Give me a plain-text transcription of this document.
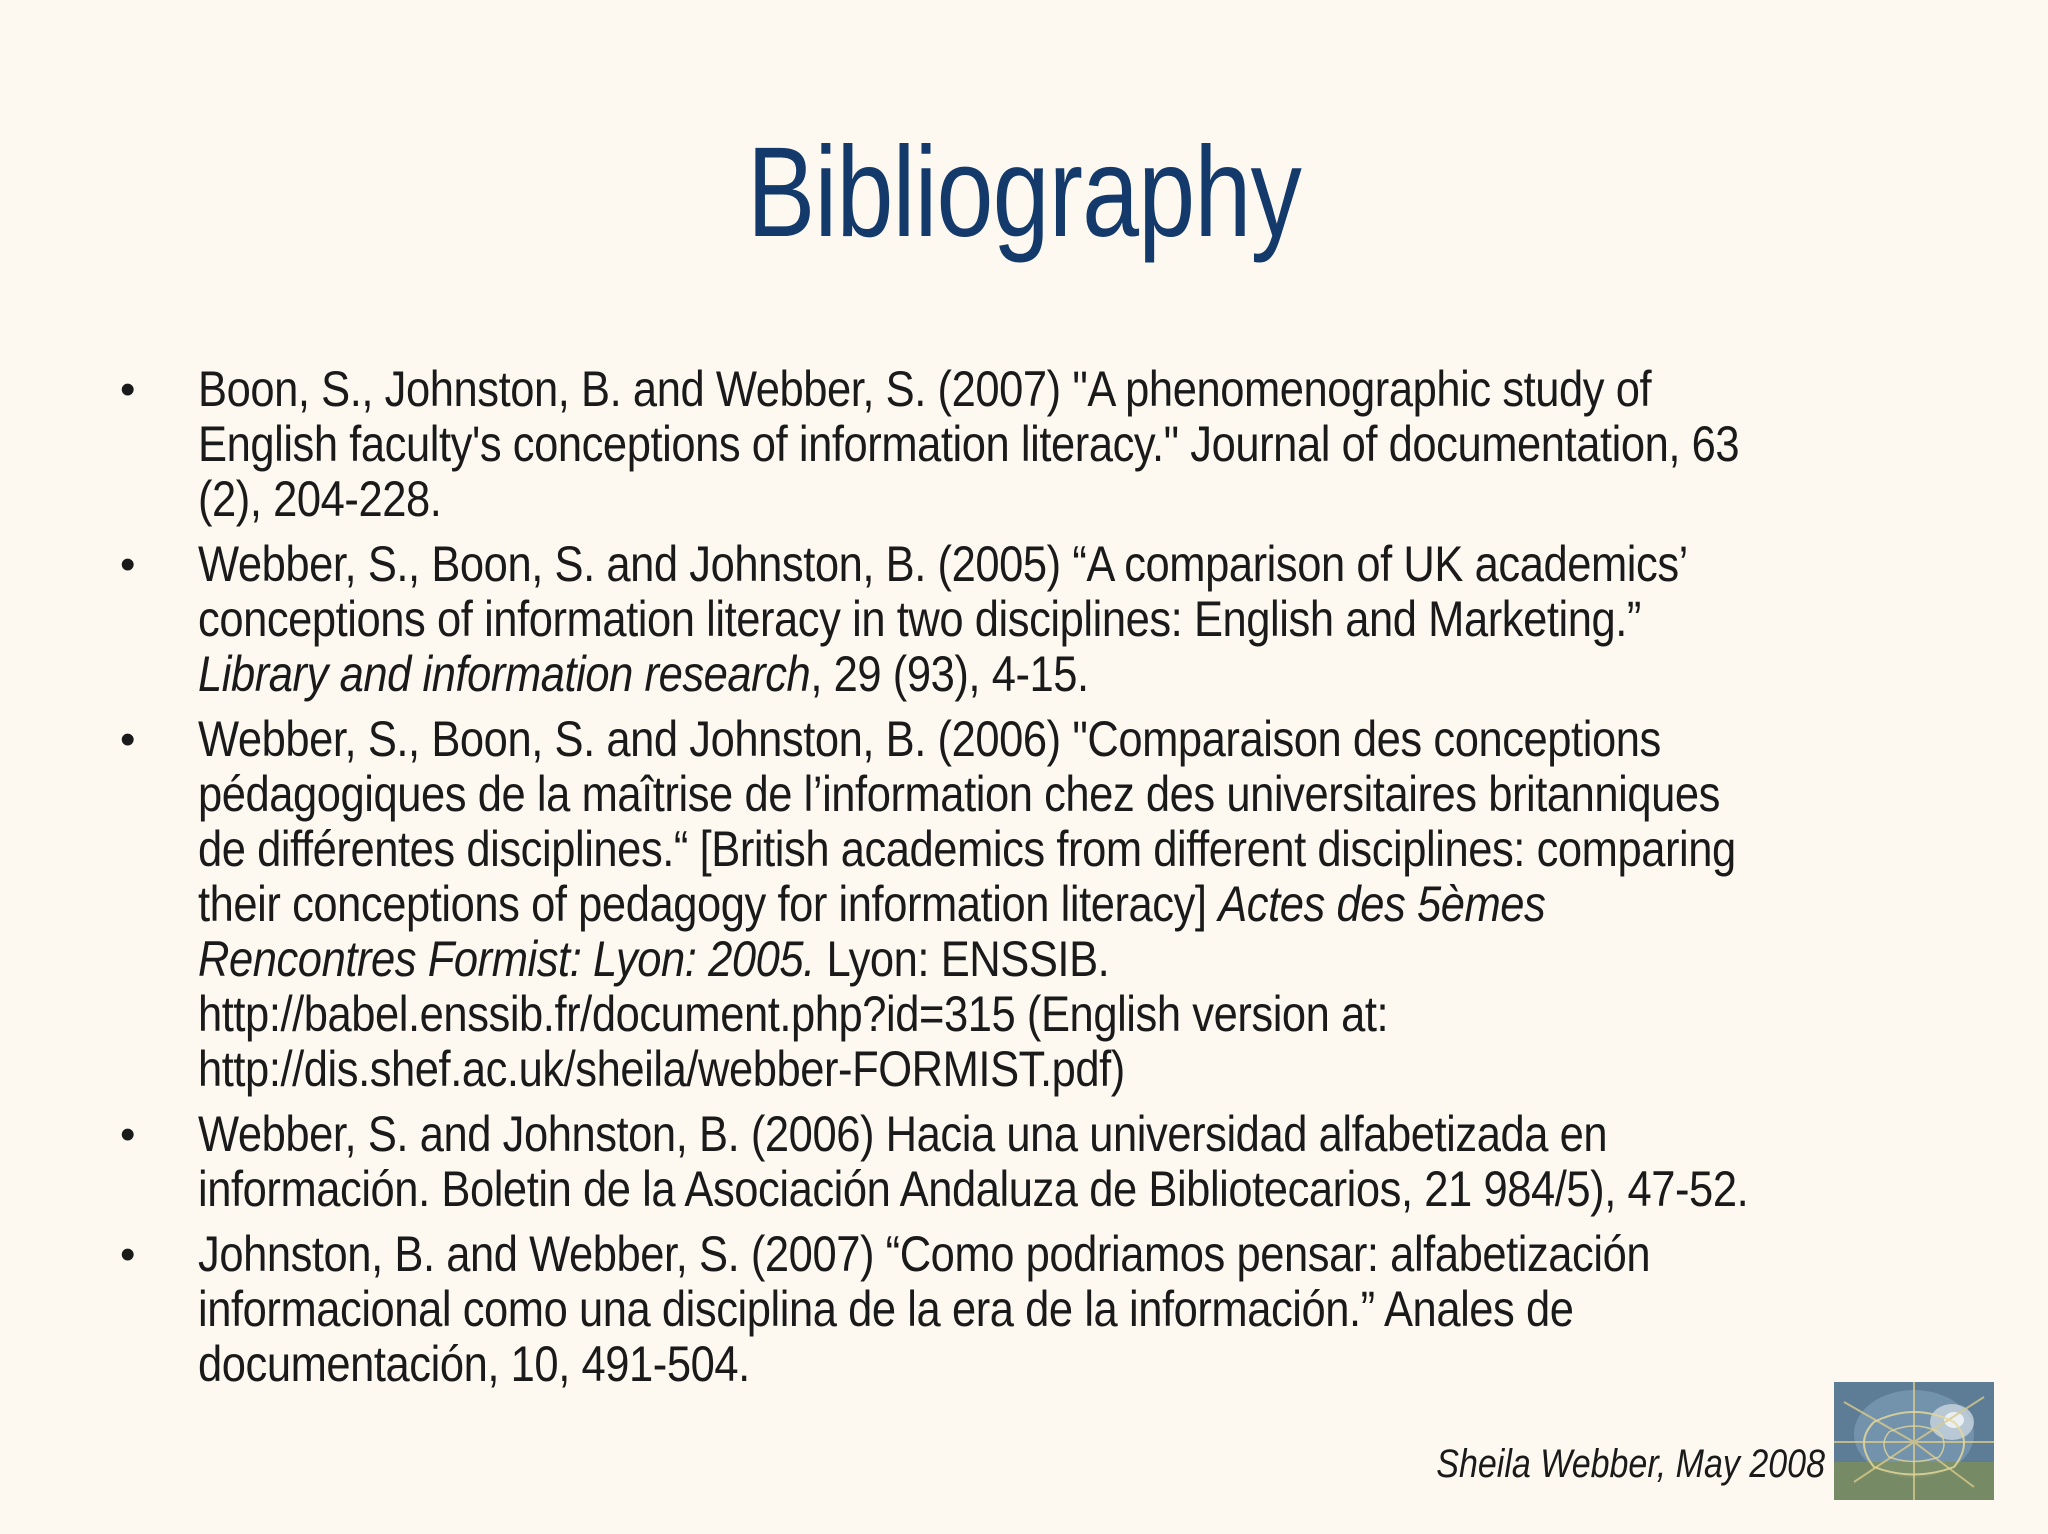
Bibliography
• Boon, S., Johnston, B. and Webber, S. (2007) "A phenomenographic study of
English faculty's conceptions of information literacy." Journal of documentation, 63
(2), 204-228.
• Webber, S., Boon, S. and Johnston, B. (2005) “A comparison of UK academics’
conceptions of information literacy in two disciplines: English and Marketing.”
Library and information research, 29 (93), 4-15.
• Webber, S., Boon, S. and Johnston, B. (2006) "Comparaison des conceptions
pédagogiques de la maîtrise de l’information chez des universitaires britanniques
de différentes disciplines.“ [British academics from different disciplines: comparing
their conceptions of pedagogy for information literacy] Actes des 5èmes
Rencontres Formist: Lyon: 2005. Lyon: ENSSIB.
http://babel.enssib.fr/document.php?id=315 (English version at:
http://dis.shef.ac.uk/sheila/webber-FORMIST.pdf)
• Webber, S. and Johnston, B. (2006) Hacia una universidad alfabetizada en
información. Boletin de la Asociación Andaluza de Bibliotecarios, 21 984/5), 47-52.
• Johnston, B. and Webber, S. (2007) “Como podriamos pensar: alfabetización
informacional como una disciplina de la era de la información.” Anales de
documentación, 10, 491-504.
Sheila Webber, May 2008
